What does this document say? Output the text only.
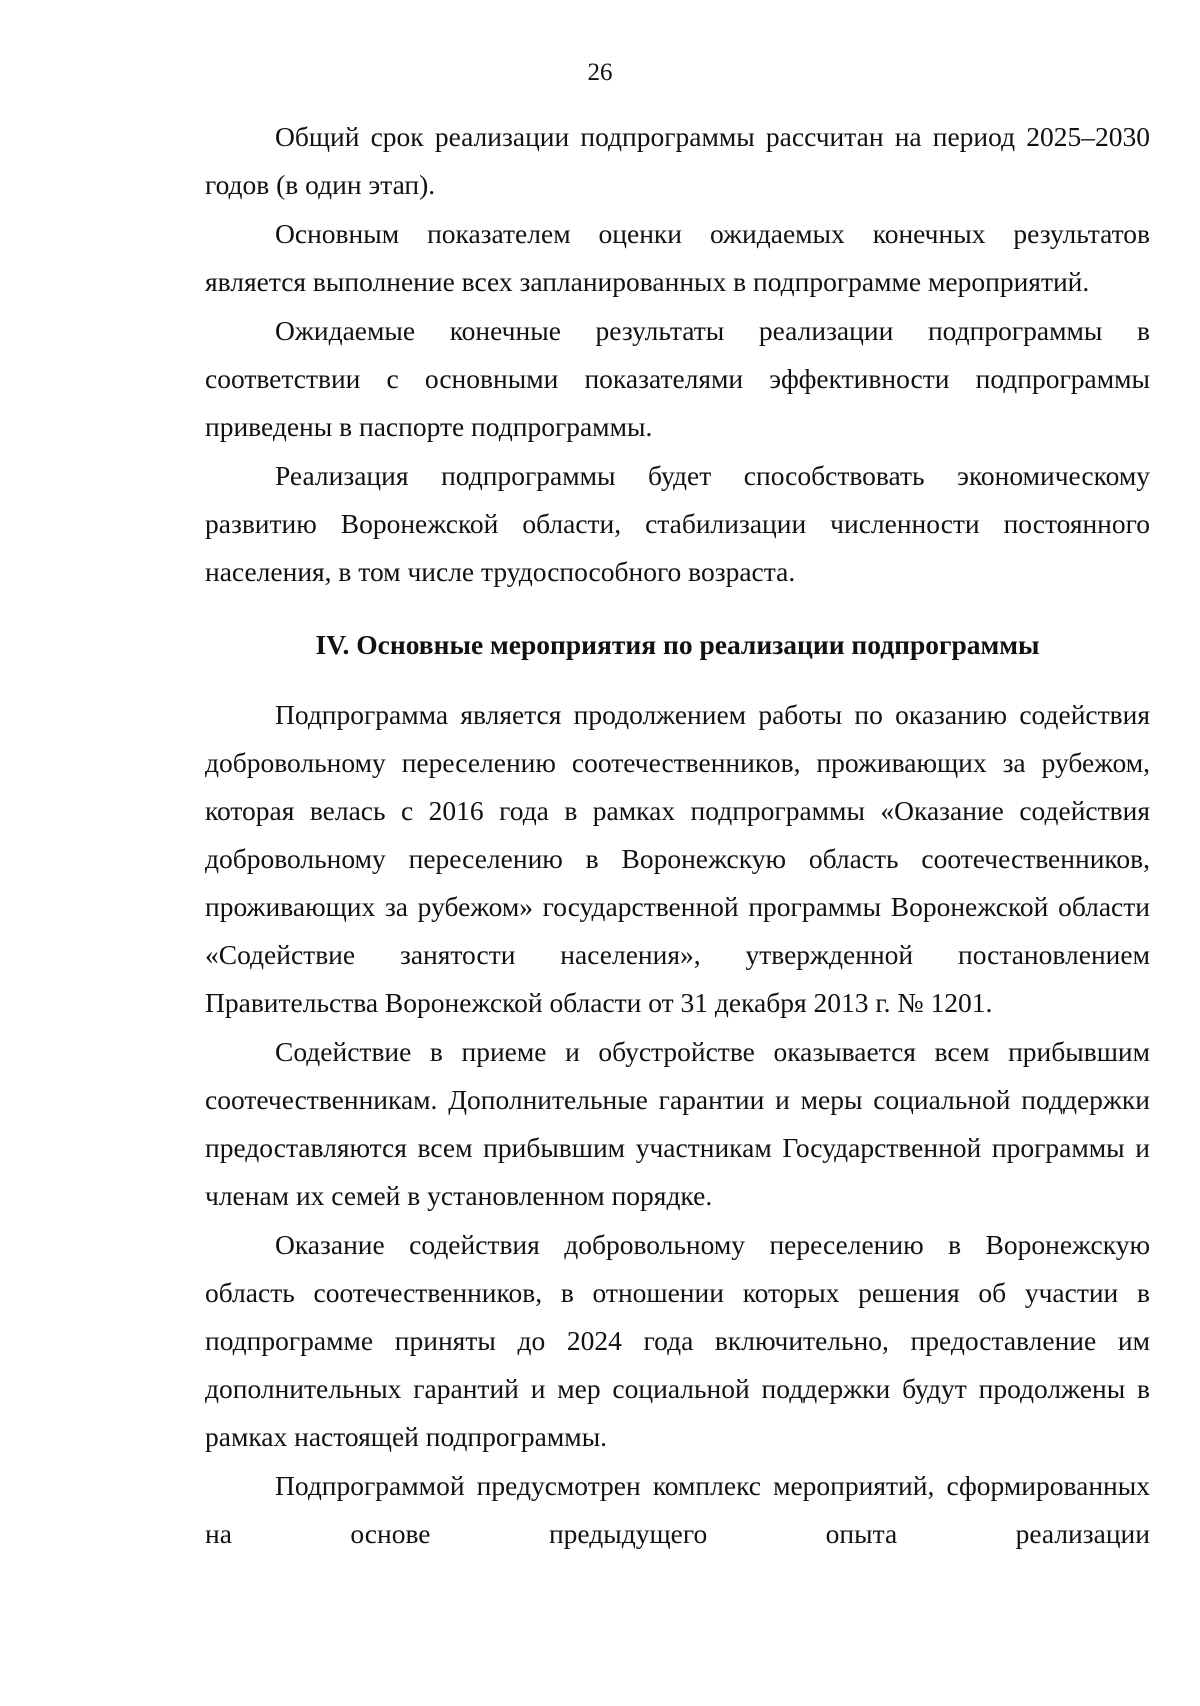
26

Общий срок реализации подпрограммы рассчитан на период 2025–2030 годов (в один этап).

Основным показателем оценки ожидаемых конечных результатов является выполнение всех запланированных в подпрограмме мероприятий.

Ожидаемые конечные результаты реализации подпрограммы в соответствии с основными показателями эффективности подпрограммы приведены в паспорте подпрограммы.

Реализация подпрограммы будет способствовать экономическому развитию Воронежской области, стабилизации численности постоянного населения, в том числе трудоспособного возраста.

IV. Основные мероприятия по реализации подпрограммы

Подпрограмма является продолжением работы по оказанию содействия добровольному переселению соотечественников, проживающих за рубежом, которая велась с 2016 года в рамках подпрограммы «Оказание содействия добровольному переселению в Воронежскую область соотечественников, проживающих за рубежом» государственной программы Воронежской области «Содействие занятости населения», утвержденной постановлением Правительства Воронежской области от 31 декабря 2013 г. № 1201.

Содействие в приеме и обустройстве оказывается всем прибывшим соотечественникам. Дополнительные гарантии и меры социальной поддержки предоставляются всем прибывшим участникам Государственной программы и членам их семей в установленном порядке.

Оказание содействия добровольному переселению в Воронежскую область соотечественников, в отношении которых решения об участии в подпрограмме приняты до 2024 года включительно, предоставление им дополнительных гарантий и мер социальной поддержки будут продолжены в рамках настоящей подпрограммы.

Подпрограммой предусмотрен комплекс мероприятий, сформированных на основе предыдущего опыта реализации
